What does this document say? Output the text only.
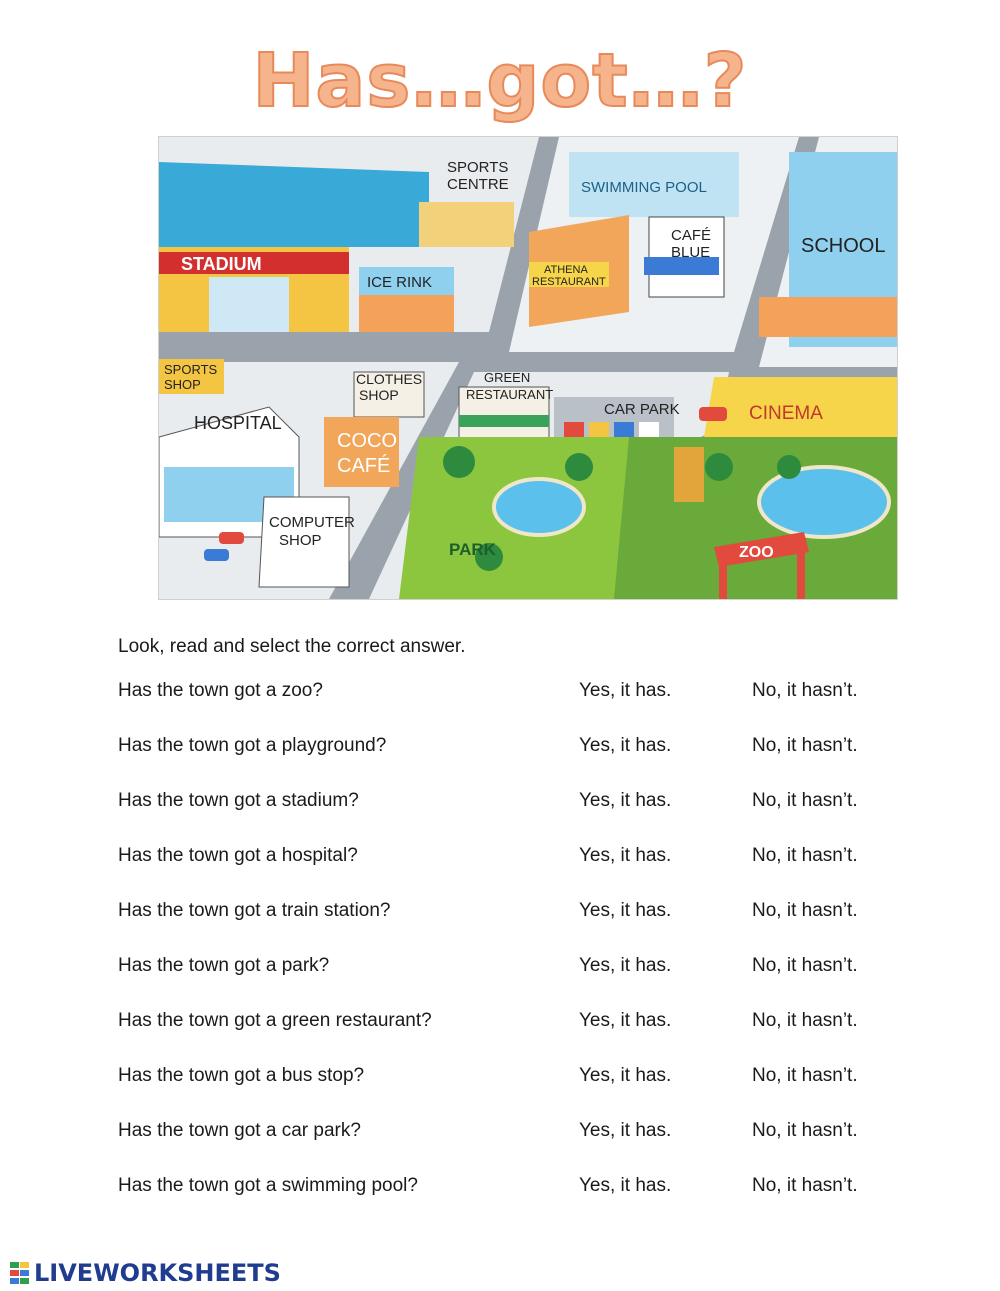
Has…got…?
STADIUM
SPORTS
CENTRE
ICE RINK
SWIMMING POOL
ATHENA
RESTAURANT
CAFÉ
BLUE	SCHOOL
SPORTS
SHOP
HOSPITAL
CLOTHES
SHOP
COCO
CAFÉ
COMPUTER
SHOP
GREEN
RESTAURANT
CAR PARK	CINEMA
PARK	ZOO
Look, read and select the correct answer.
Has the town got a zoo?	Yes, it has.	No, it hasn’t.
Has the town got a playground?	Yes, it has.	No, it hasn’t.
Has the town got a stadium?	Yes, it has.	No, it hasn’t.
Has the town got a hospital?	Yes, it has.	No, it hasn’t.
Has the town got a train station?	Yes, it has.	No, it hasn’t.
Has the town got a park?	Yes, it has.	No, it hasn’t.
Has the town got a green restaurant?	Yes, it has.	No, it hasn’t.
Has the town got a bus stop?	Yes, it has.	No, it hasn’t.
Has the town got a car park?	Yes, it has.	No, it hasn’t.
Has the town got a swimming pool?	Yes, it has.	No, it hasn’t.
LIVEWORKSHEETS
